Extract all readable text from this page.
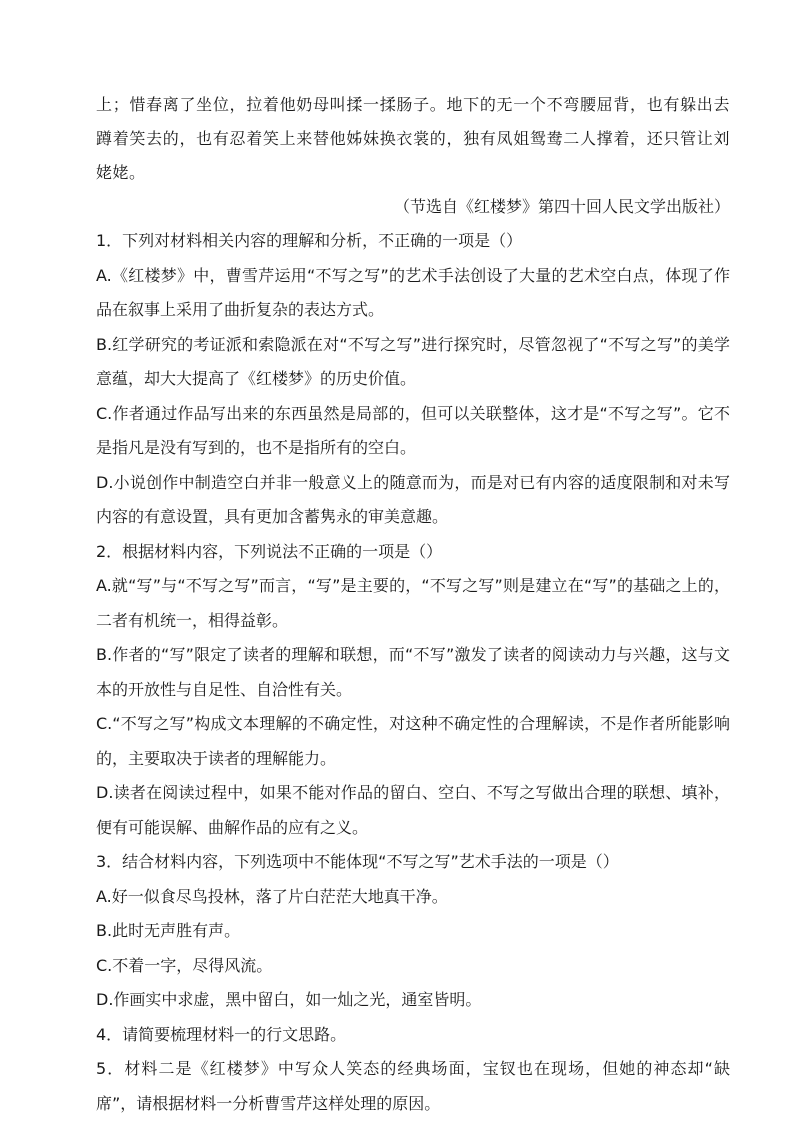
上；惜春离了坐位，拉着他奶母叫揉一揉肠子。地下的无一个不弯腰屈背，也有躲出去蹲着笑去的，也有忍着笑上来替他姊妹换衣裳的，独有凤姐鸳鸯二人撑着，还只管让刘姥姥。

（节选自《红楼梦》第四十回人民文学出版社）

1．下列对材料相关内容的理解和分析，不正确的一项是（）

A.《红楼梦》中，曹雪芹运用“不写之写”的艺术手法创设了大量的艺术空白点，体现了作品在叙事上采用了曲折复杂的表达方式。

B.红学研究的考证派和索隐派在对“不写之写”进行探究时，尽管忽视了“不写之写”的美学意蕴，却大大提高了《红楼梦》的历史价值。

C.作者通过作品写出来的东西虽然是局部的，但可以关联整体，这才是“不写之写”。它不是指凡是没有写到的，也不是指所有的空白。

D.小说创作中制造空白并非一般意义上的随意而为，而是对已有内容的适度限制和对未写内容的有意设置，具有更加含蓄隽永的审美意趣。

2．根据材料内容，下列说法不正确的一项是（）

A.就“写”与“不写之写”而言，“写”是主要的，“不写之写”则是建立在“写”的基础之上的，二者有机统一，相得益彰。

B.作者的“写”限定了读者的理解和联想，而“不写”激发了读者的阅读动力与兴趣，这与文本的开放性与自足性、自洽性有关。

C.“不写之写”构成文本理解的不确定性，对这种不确定性的合理解读，不是作者所能影响的，主要取决于读者的理解能力。

D.读者在阅读过程中，如果不能对作品的留白、空白、不写之写做出合理的联想、填补，便有可能误解、曲解作品的应有之义。

3．结合材料内容，下列选项中不能体现“不写之写”艺术手法的一项是（）

A.好一似食尽鸟投林，落了片白茫茫大地真干净。

B.此时无声胜有声。

C.不着一字，尽得风流。

D.作画实中求虚，黑中留白，如一灿之光，通室皆明。

4．请简要梳理材料一的行文思路。

5．材料二是《红楼梦》中写众人笑态的经典场面，宝钗也在现场，但她的神态却“缺席”，请根据材料一分析曹雪芹这样处理的原因。
